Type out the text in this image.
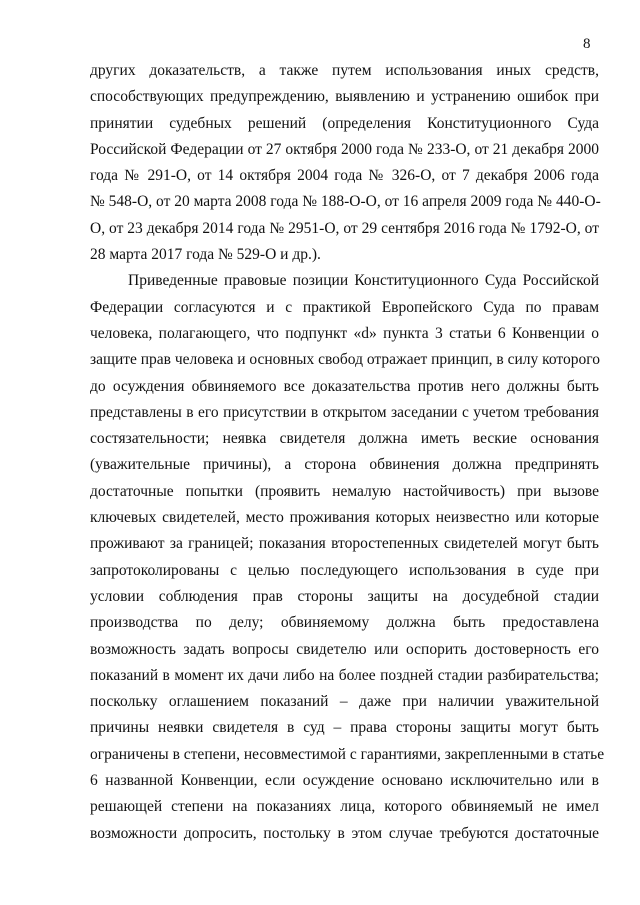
8
других доказательств, а также путем использования иных средств,
способствующих предупреждению, выявлению и устранению ошибок при
принятии судебных решений (определения Конституционного Суда
Российской Федерации от 27 октября 2000 года № 233-О, от 21 декабря 2000
года № 291-О, от 14 октября 2004 года № 326-О, от 7 декабря 2006 года
№ 548-О, от 20 марта 2008 года № 188-О-О, от 16 апреля 2009 года № 440-О-
О, от 23 декабря 2014 года № 2951-О, от 29 сентября 2016 года № 1792-О, от
28 марта 2017 года № 529-О и др.).
Приведенные правовые позиции Конституционного Суда Российской
Федерации согласуются и с практикой Европейского Суда по правам
человека, полагающего, что подпункт «d» пункта 3 статьи 6 Конвенции о
защите прав человека и основных свобод отражает принцип, в силу которого
до осуждения обвиняемого все доказательства против него должны быть
представлены в его присутствии в открытом заседании с учетом требования
состязательности; неявка свидетеля должна иметь веские основания
(уважительные причины), а сторона обвинения должна предпринять
достаточные попытки (проявить немалую настойчивость) при вызове
ключевых свидетелей, место проживания которых неизвестно или которые
проживают за границей; показания второстепенных свидетелей могут быть
запротоколированы с целью последующего использования в суде при
условии соблюдения прав стороны защиты на досудебной стадии
производства по делу; обвиняемому должна быть предоставлена
возможность задать вопросы свидетелю или оспорить достоверность его
показаний в момент их дачи либо на более поздней стадии разбирательства;
поскольку оглашением показаний – даже при наличии уважительной
причины неявки свидетеля в суд – права стороны защиты могут быть
ограничены в степени, несовместимой с гарантиями, закрепленными в статье
6 названной Конвенции, если осуждение основано исключительно или в
решающей степени на показаниях лица, которого обвиняемый не имел
возможности допросить, постольку в этом случае требуются достаточные
